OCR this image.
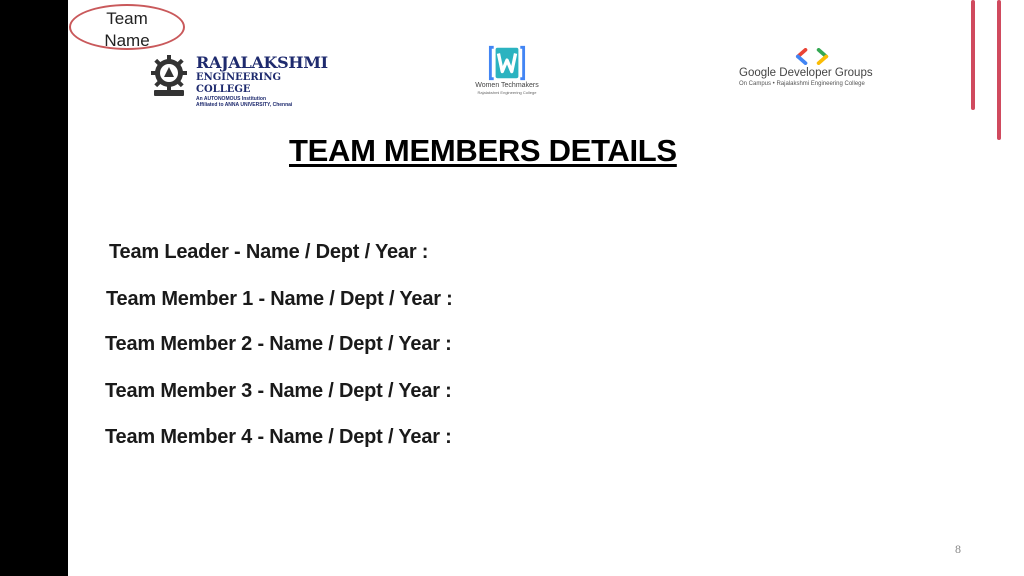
Team
Name
RAJALAKSHMI
ENGINEERING COLLEGE
An AUTONOMOUS Institution
Affiliated to ANNA UNIVERSITY, Chennai
Women Techmakers
Rajalakshmi Engineering College
Google Developer Groups
On Campus • Rajalakshmi Engineering College
TEAM MEMBERS DETAILS

Team Leader - Name / Dept / Year :

Team Member 1 - Name / Dept / Year :

Team Member 2 - Name / Dept / Year :

Team Member 3 - Name / Dept / Year :

Team Member 4 - Name / Dept / Year :

8
